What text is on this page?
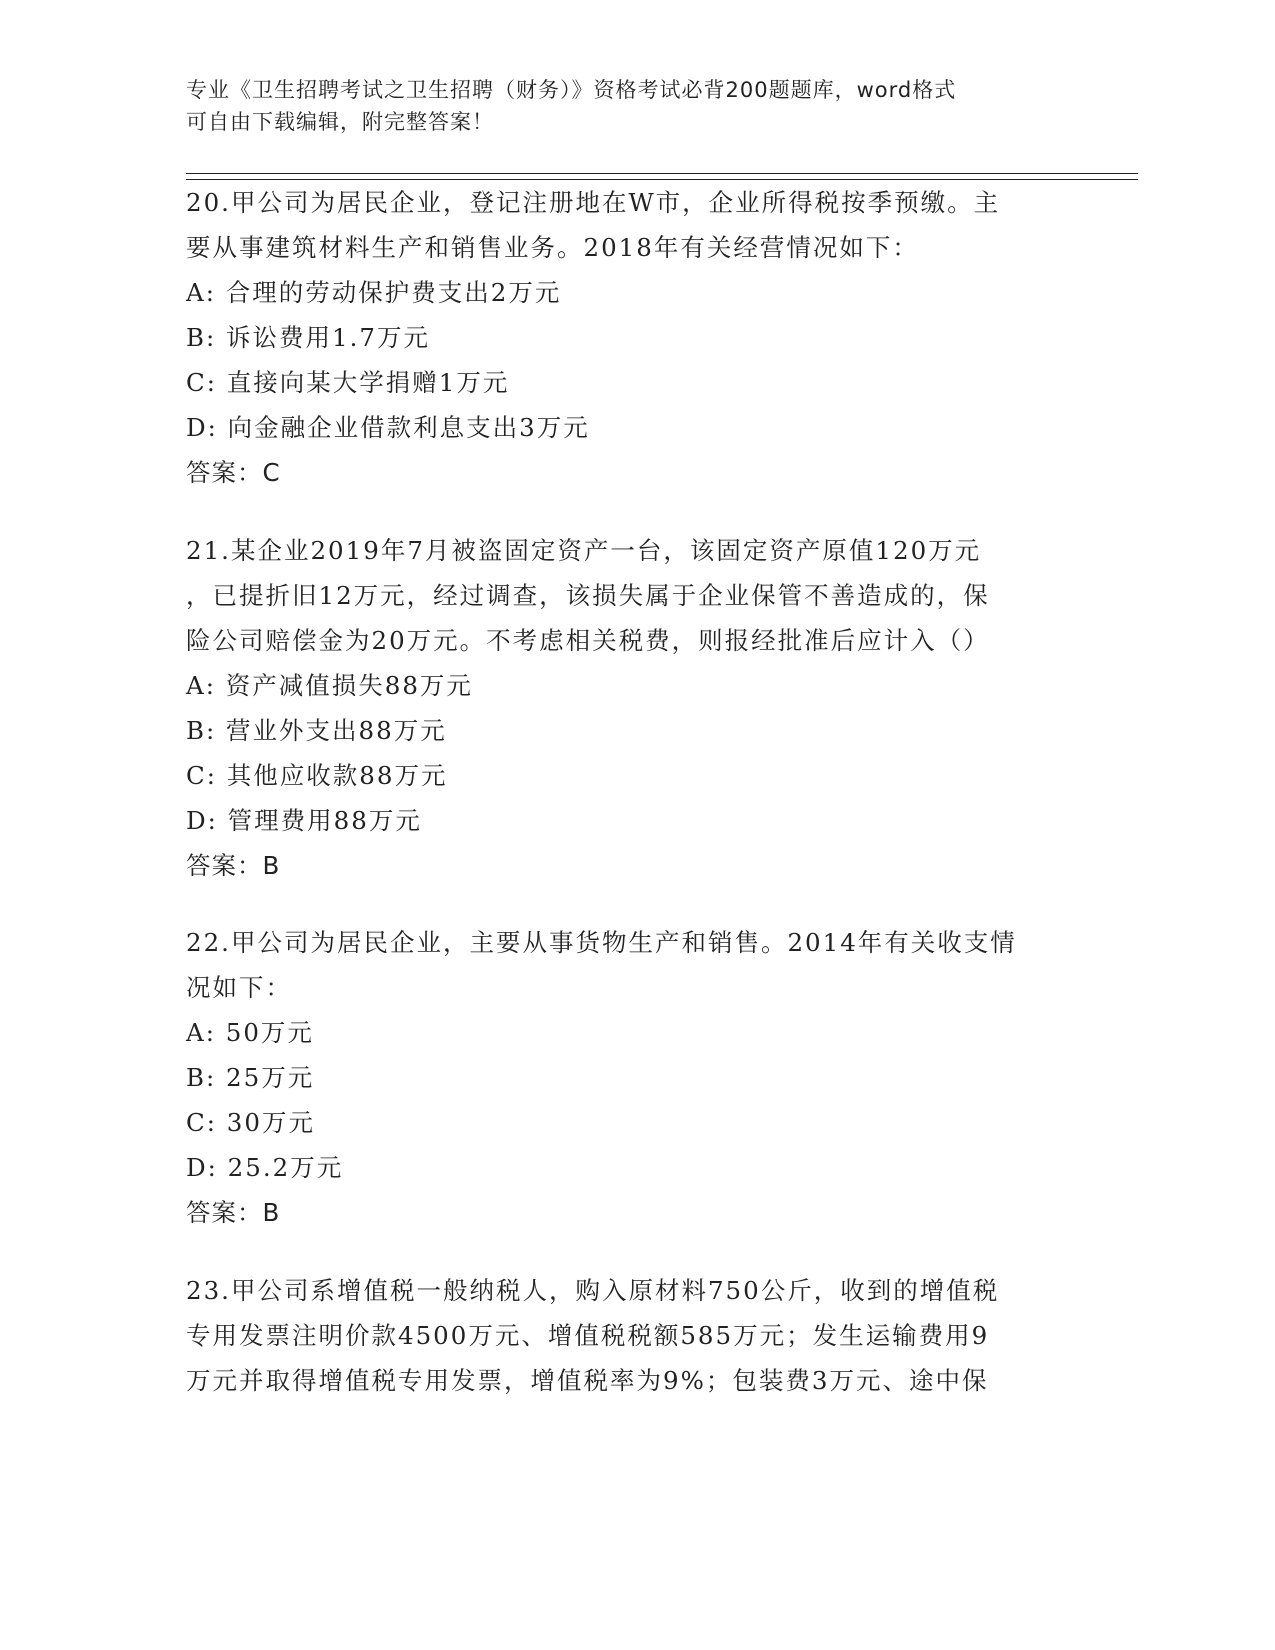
专业《卫生招聘考试之卫生招聘（财务）》资格考试必背200题题库，word格式
可自由下载编辑，附完整答案！
20.甲公司为居民企业，登记注册地在W市，企业所得税按季预缴。主
要从事建筑材料生产和销售业务。2018年有关经营情况如下：
A: 合理的劳动保护费支出2万元
B: 诉讼费用1.7万元
C: 直接向某大学捐赠1万元
D: 向金融企业借款利息支出3万元
答案：C
21.某企业2019年7月被盗固定资产一台，该固定资产原值120万元
，已提折旧12万元，经过调查，该损失属于企业保管不善造成的，保
险公司赔偿金为20万元。不考虑相关税费，则报经批准后应计入（）
A: 资产减值损失88万元
B: 营业外支出88万元
C: 其他应收款88万元
D: 管理费用88万元
答案：B
22.甲公司为居民企业，主要从事货物生产和销售。2014年有关收支情
况如下：
A: 50万元
B: 25万元
C: 30万元
D: 25.2万元
答案：B
23.甲公司系增值税一般纳税人，购入原材料750公斤，收到的增值税
专用发票注明价款4500万元、增值税税额585万元；发生运输费用9
万元并取得增值税专用发票，增值税率为9%；包装费3万元、途中保
